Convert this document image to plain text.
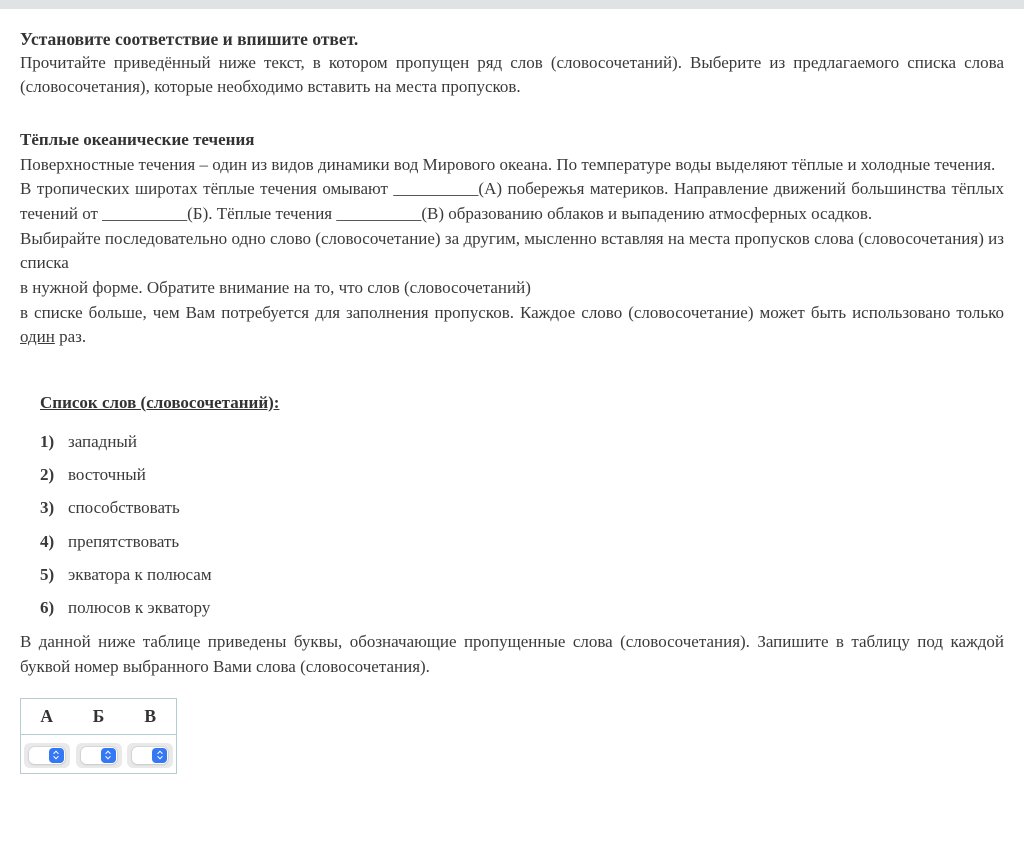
Установите соответствие и впишите ответ.

Прочитайте приведённый ниже текст, в котором пропущен ряд слов (словосочетаний). Выберите из предлагаемого списка слова (словосочетания), которые необходимо вставить на места пропусков.

Тёплые океанические течения

Поверхностные течения – один из видов динамики вод Мирового океана. По температуре воды выделяют тёплые и холодные течения.

В тропических широтах тёплые течения омывают __________(А) побережья материков. Направление движений большинства тёплых течений от __________(Б). Тёплые течения __________(В) образованию облаков и выпадению атмосферных осадков.

Выбирайте последовательно одно слово (словосочетание) за другим, мысленно вставляя на места пропусков слова (словосочетания) из списка
в нужной форме. Обратите внимание на то, что слов (словосочетаний)
в списке больше, чем Вам потребуется для заполнения пропусков. Каждое слово (словосочетание) может быть использовано только один раз.

Список слов (словосочетаний):

1) западный
2) восточный
3) способствовать
4) препятствовать
5) экватора к полюсам
6) полюсов к экватору

В данной ниже таблице приведены буквы, обозначающие пропущенные слова (словосочетания). Запишите в таблицу под каждой буквой номер выбранного Вами слова (словосочетания).

А	Б	В
